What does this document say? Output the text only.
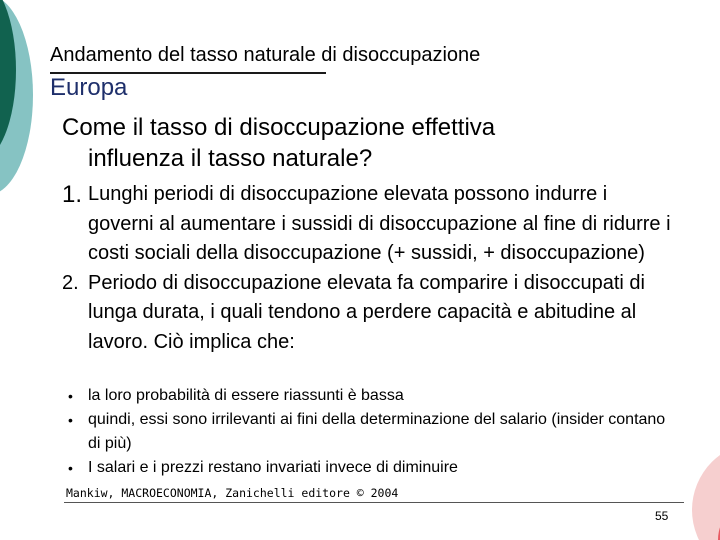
Andamento del tasso naturale di disoccupazione
Europa
Come il tasso di disoccupazione effettiva
influenza il tasso naturale?
1. Lunghi periodi di disoccupazione elevata possono indurre i governi al aumentare i sussidi di disoccupazione al fine di ridurre i costi sociali della disoccupazione (+ sussidi, + disoccupazione)
2. Periodo di disoccupazione elevata fa comparire i disoccupati di lunga durata, i quali tendono a perdere capacità e abitudine al lavoro. Ciò implica che:
• la loro probabilità di essere riassunti è bassa
• quindi, essi sono irrilevanti ai fini della determinazione del salario (insider contano di più)
• I salari e i prezzi restano invariati invece di diminuire
Mankiw, MACROECONOMIA, Zanichelli editore © 2004
55
